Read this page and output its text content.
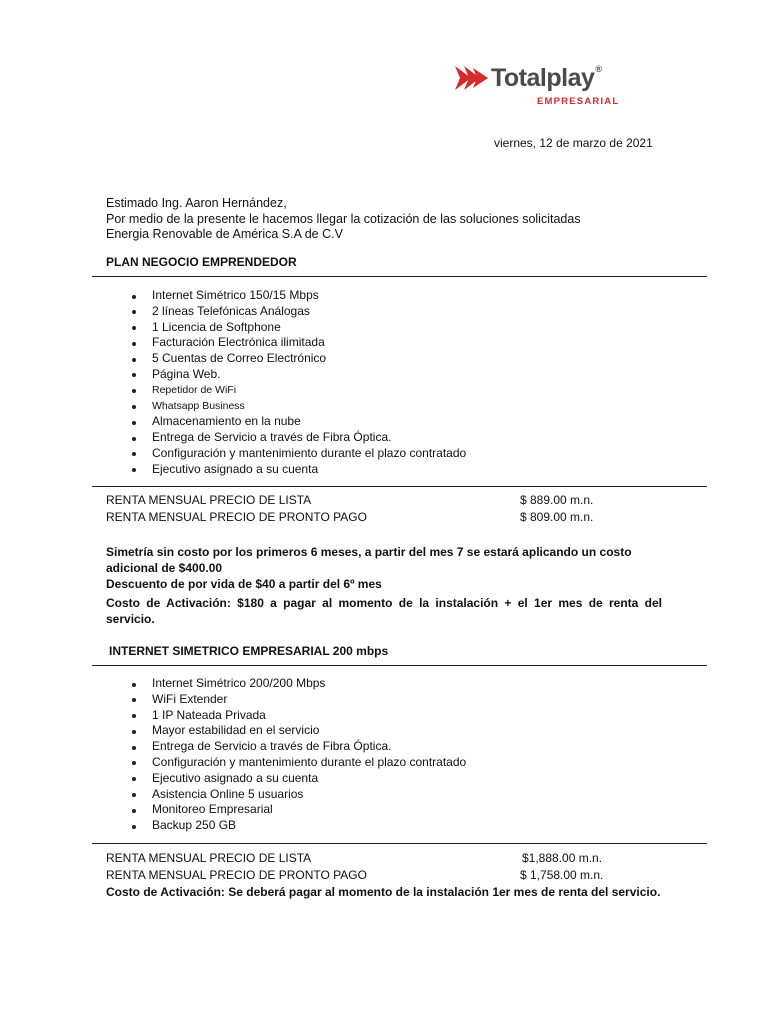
Totalplay®
EMPRESARIAL
viernes, 12 de marzo de 2021
Estimado Ing. Aaron Hernández,
Por medio de la presente le hacemos llegar la cotización de las soluciones solicitadas
Energia Renovable de América S.A de C.V
PLAN NEGOCIO EMPRENDEDOR
Internet Simétrico 150/15 Mbps
2 líneas Telefónicas Análogas
1 Licencia de Softphone
Facturación Electrónica ilimitada
5 Cuentas de Correo Electrónico
Página Web.
Repetidor de WiFi
Whatsapp Business
Almacenamiento en la nube
Entrega de Servicio a través de Fibra Óptica.
Configuración y mantenimiento durante el plazo contratado
Ejecutivo asignado a su cuenta
RENTA MENSUAL PRECIO DE LISTA	$ 889.00 m.n.
RENTA MENSUAL PRECIO DE PRONTO PAGO	$ 809.00 m.n.
Simetría sin costo por los primeros 6 meses, a partir del mes 7 se estará aplicando un costo adicional de $400.00
Descuento de por vida de $40 a partir del 6º mes
Costo de Activación: $180 a pagar al momento de la instalación + el 1er mes de renta del servicio.
INTERNET SIMETRICO EMPRESARIAL 200 mbps
Internet Simétrico 200/200 Mbps
WiFi Extender
1 IP Nateada Privada
Mayor estabilidad en el servicio
Entrega de Servicio a través de Fibra Óptica.
Configuración y mantenimiento durante el plazo contratado
Ejecutivo asignado a su cuenta
Asistencia Online 5 usuarios
Monitoreo Empresarial
Backup 250 GB
RENTA MENSUAL PRECIO DE LISTA	$1,888.00 m.n.
RENTA MENSUAL PRECIO DE PRONTO PAGO	$ 1,758.00 m.n.
Costo de Activación: Se deberá pagar al momento de la instalación 1er mes de renta del servicio.
